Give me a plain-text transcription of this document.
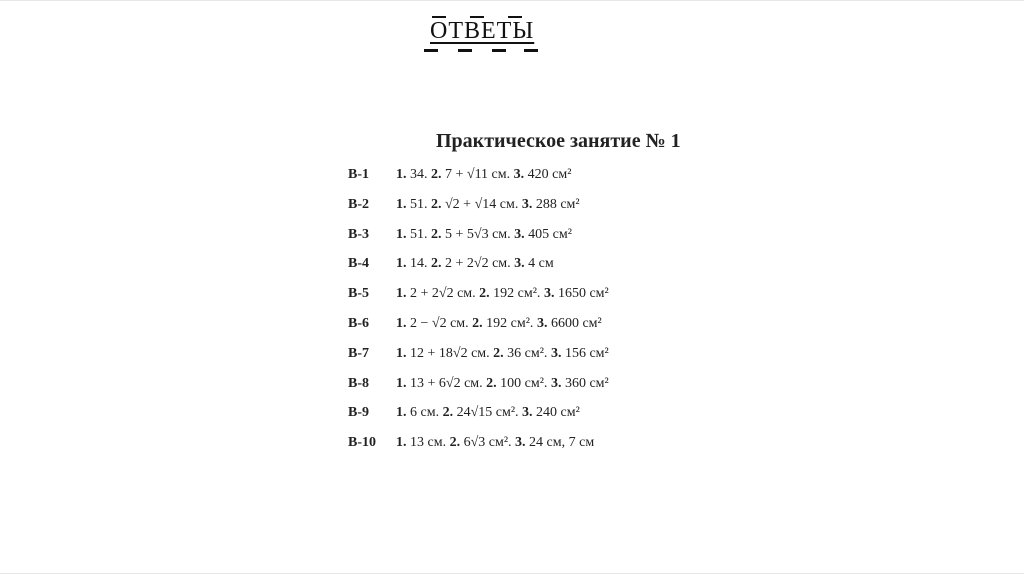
ОТВЕТЫ
Практическое занятие № 1
В-1	1. 34. 2. 7 + √11 см. 3. 420 см²
В-2	1. 51. 2. √2 + √14 см. 3. 288 см²
В-3	1. 51. 2. 5 + 5√3 см. 3. 405 см²
В-4	1. 14. 2. 2 + 2√2 см. 3. 4 см
В-5	1. 2 + 2√2 см. 2. 192 см². 3. 1650 см²
В-6	1. 2 − √2 см. 2. 192 см². 3. 6600 см²
В-7	1. 12 + 18√2 см. 2. 36 см². 3. 156 см²
В-8	1. 13 + 6√2 см. 2. 100 см². 3. 360 см²
В-9	1. 6 см. 2. 24√15 см². 3. 240 см²
В-10	1. 13 см. 2. 6√3 см². 3. 24 см, 7 см
